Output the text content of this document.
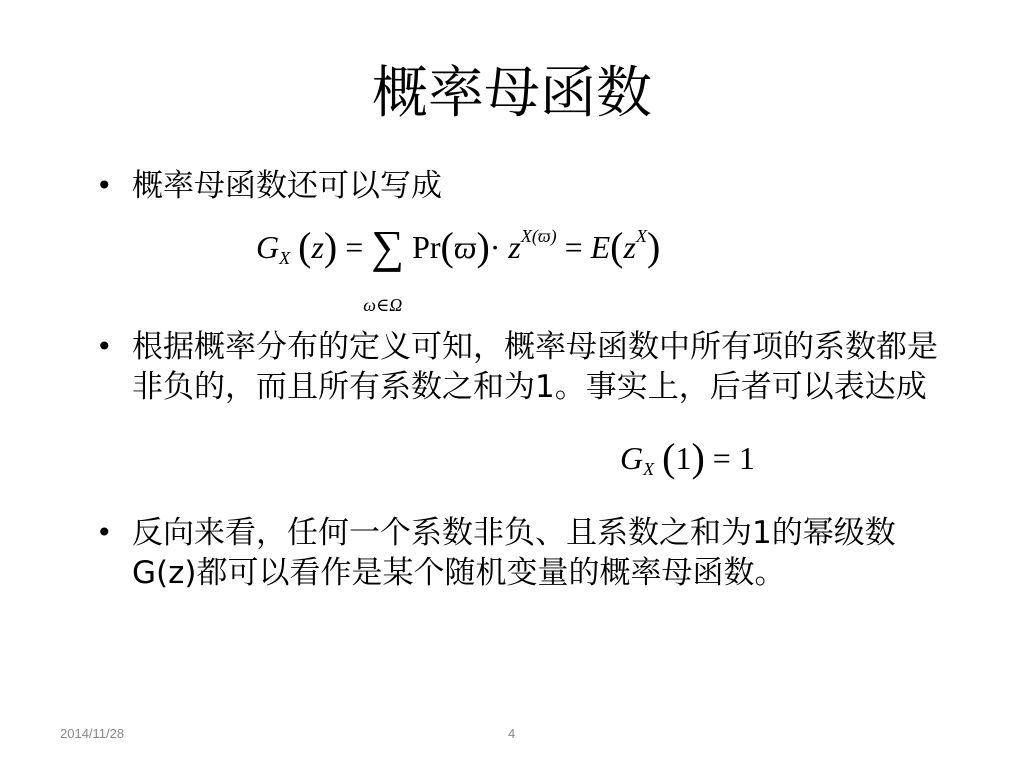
概率母函数
• 概率母函数还可以写成
$G_X$ (z) = ∑
ω∈Ω
$Pr(ϖ)\cdot z^{X(ϖ)} = E(z^X)$
• 根据概率分布的定义可知，概率母函数中所有项的系数都是非负的，而且所有系数之和为1。事实上，后者可以表达成
$G_X$ (1) = 1
• 反向来看，任何一个系数非负、且系数之和为1的幂级数G(z)都可以看作是某个随机变量的概率母函数。
2014/11/28	4
